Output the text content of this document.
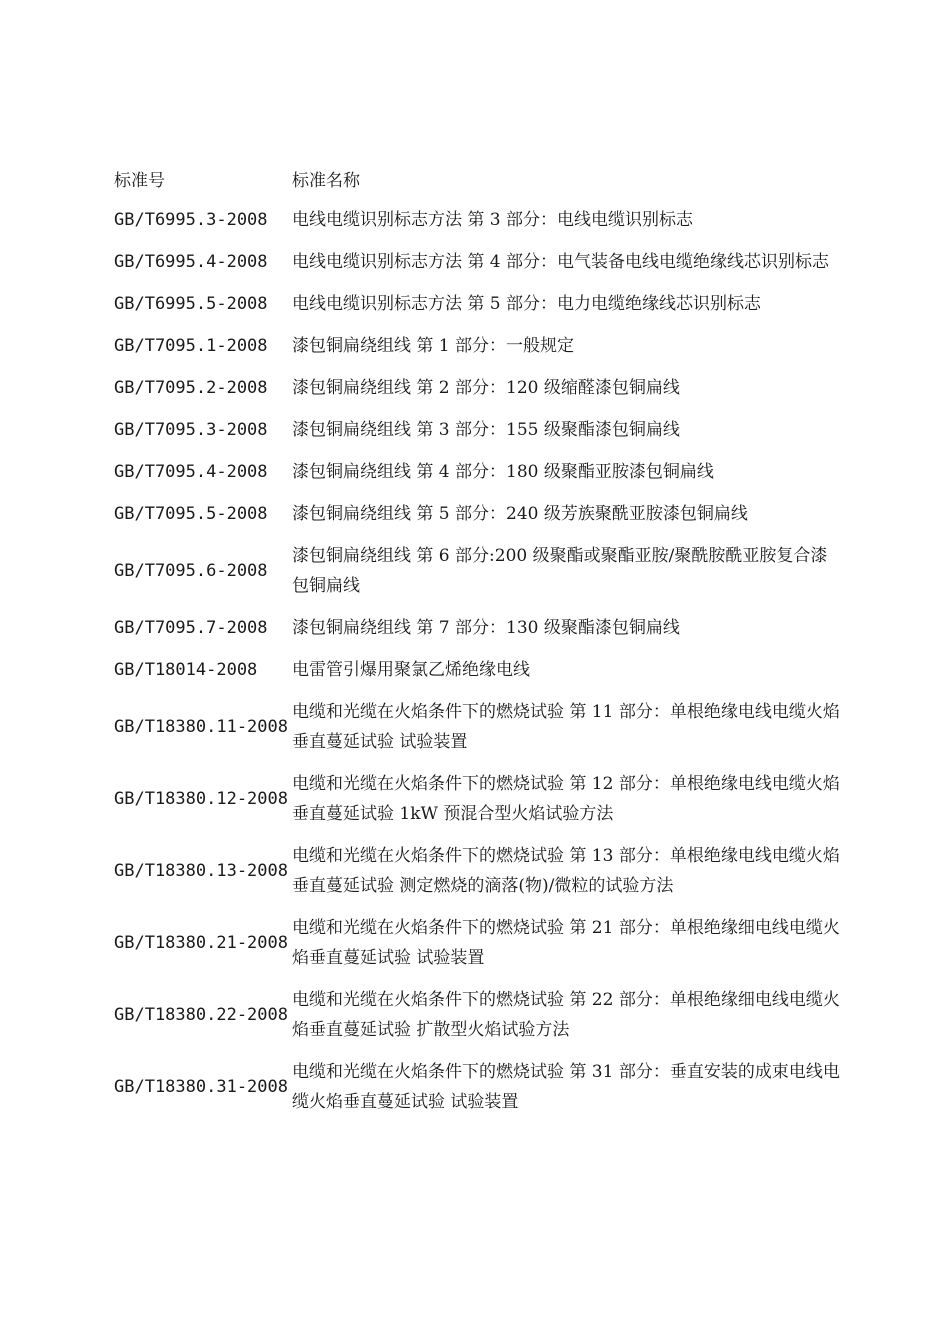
标准号	标准名称
GB/T6995.3-2008	电线电缆识别标志方法 第 3 部分：电线电缆识别标志
GB/T6995.4-2008	电线电缆识别标志方法 第 4 部分：电气装备电线电缆绝缘线芯识别标志
GB/T6995.5-2008	电线电缆识别标志方法 第 5 部分：电力电缆绝缘线芯识别标志
GB/T7095.1-2008	漆包铜扁绕组线 第 1 部分：一般规定
GB/T7095.2-2008	漆包铜扁绕组线 第 2 部分：120 级缩醛漆包铜扁线
GB/T7095.3-2008	漆包铜扁绕组线 第 3 部分：155 级聚酯漆包铜扁线
GB/T7095.4-2008	漆包铜扁绕组线 第 4 部分：180 级聚酯亚胺漆包铜扁线
GB/T7095.5-2008	漆包铜扁绕组线 第 5 部分：240 级芳族聚酰亚胺漆包铜扁线
GB/T7095.6-2008	漆包铜扁绕组线 第 6 部分:200 级聚酯或聚酯亚胺/聚酰胺酰亚胺复合漆包铜扁线
GB/T7095.7-2008	漆包铜扁绕组线 第 7 部分：130 级聚酯漆包铜扁线
GB/T18014-2008	电雷管引爆用聚氯乙烯绝缘电线
GB/T18380.11-2008	电缆和光缆在火焰条件下的燃烧试验 第 11 部分：单根绝缘电线电缆火焰垂直蔓延试验 试验装置
GB/T18380.12-2008	电缆和光缆在火焰条件下的燃烧试验 第 12 部分：单根绝缘电线电缆火焰垂直蔓延试验 1kW 预混合型火焰试验方法
GB/T18380.13-2008	电缆和光缆在火焰条件下的燃烧试验 第 13 部分：单根绝缘电线电缆火焰垂直蔓延试验 测定燃烧的滴落(物)/微粒的试验方法
GB/T18380.21-2008	电缆和光缆在火焰条件下的燃烧试验 第 21 部分：单根绝缘细电线电缆火焰垂直蔓延试验 试验装置
GB/T18380.22-2008	电缆和光缆在火焰条件下的燃烧试验 第 22 部分：单根绝缘细电线电缆火焰垂直蔓延试验 扩散型火焰试验方法
GB/T18380.31-2008	电缆和光缆在火焰条件下的燃烧试验 第 31 部分：垂直安装的成束电线电缆火焰垂直蔓延试验 试验装置
